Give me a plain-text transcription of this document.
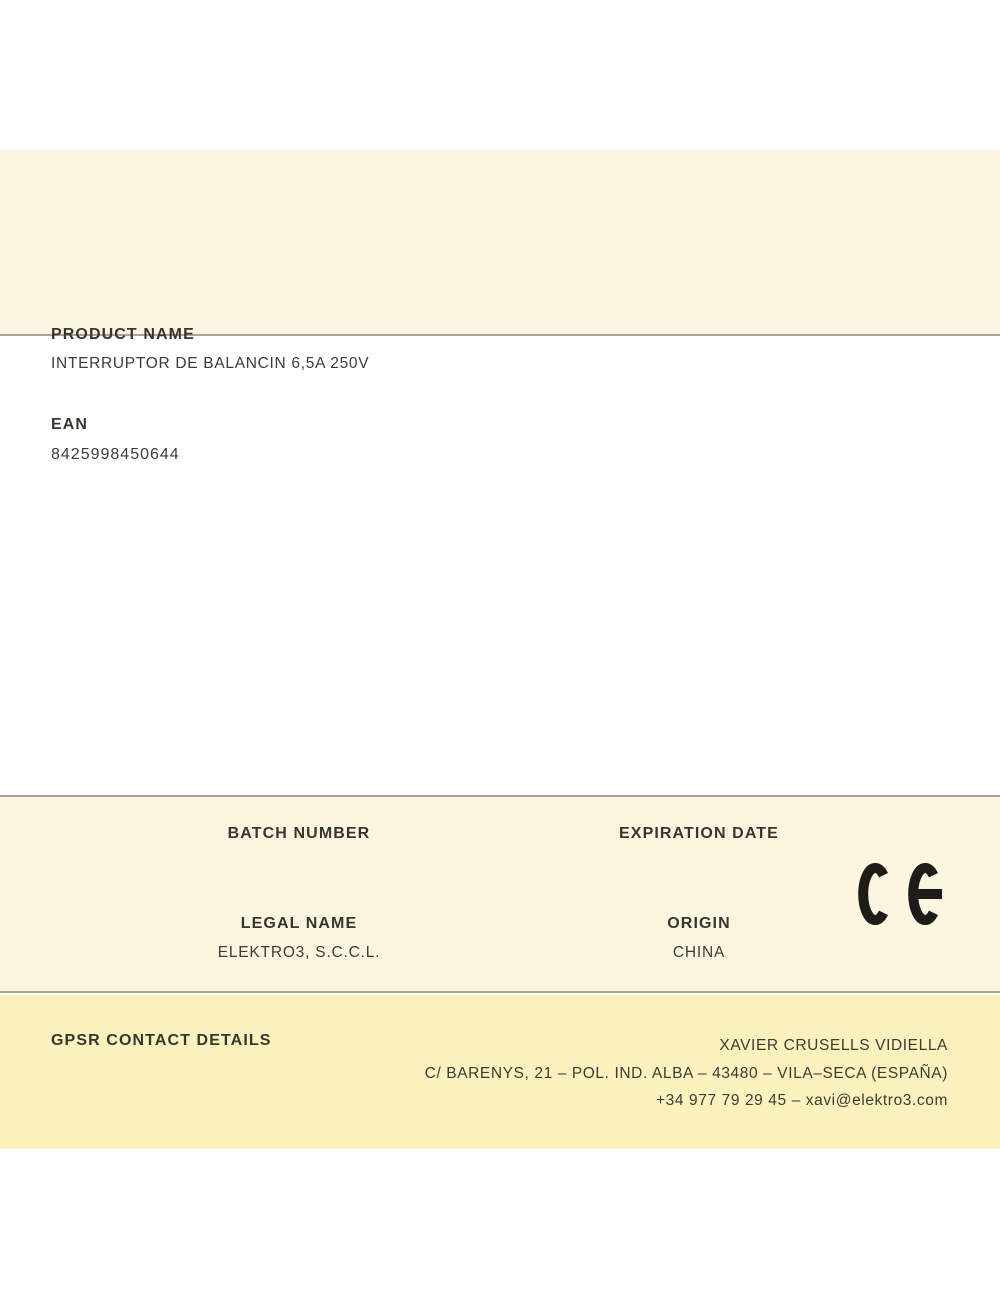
PRODUCT NAME
INTERRUPTOR DE BALANCIN 6,5A 250V
EAN
8425998450644
BATCH NUMBER
LEGAL NAME
ELEKTRO3, S.C.C.L.
EXPIRATION DATE
ORIGIN
CHINA
GPSR CONTACT DETAILS	XAVIER CRUSELLS VIDIELLA
C/ BARENYS, 21 – POL. IND. ALBA – 43480 – VILA–SECA (ESPAÑA)
+34 977 79 29 45 – xavi@elektro3.com
